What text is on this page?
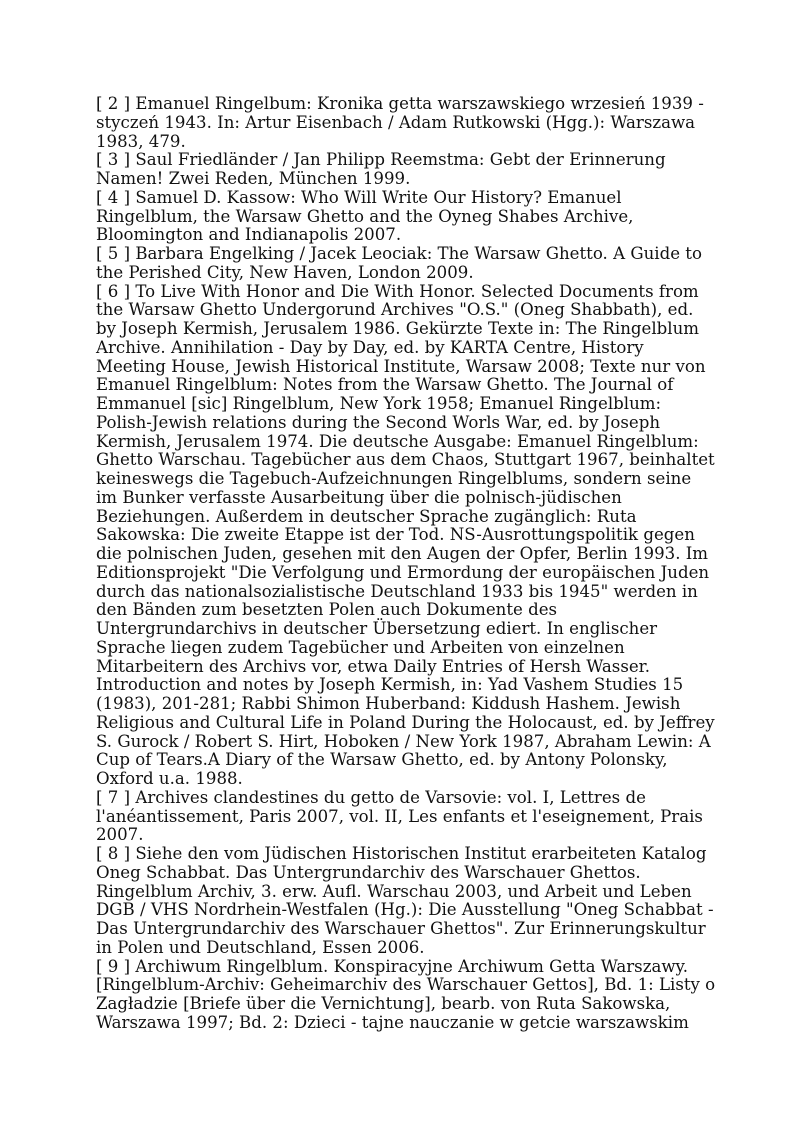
[ 2 ] Emanuel Ringelbum: Kronika getta warszawskiego wrzesień 1939 - styczeń 1943. In: Artur Eisenbach / Adam Rutkowski (Hgg.): Warszawa 1983, 479.

[ 3 ] Saul Friedländer / Jan Philipp Reemstma: Gebt der Erinnerung Namen! Zwei Reden, München 1999.

[ 4 ] Samuel D. Kassow: Who Will Write Our History? Emanuel Ringelblum, the Warsaw Ghetto and the Oyneg Shabes Archive, Bloomington and Indianapolis 2007.

[ 5 ] Barbara Engelking / Jacek Leociak: The Warsaw Ghetto. A Guide to the Perished City, New Haven, London 2009.

[ 6 ] To Live With Honor and Die With Honor. Selected Documents from the Warsaw Ghetto Undergorund Archives "O.S." (Oneg Shabbath), ed. by Joseph Kermish, Jerusalem 1986. Gekürzte Texte in: The Ringelblum Archive. Annihilation - Day by Day, ed. by KARTA Centre, History Meeting House, Jewish Historical Institute, Warsaw 2008; Texte nur von Emanuel Ringelblum: Notes from the Warsaw Ghetto. The Journal of Emmanuel [sic] Ringelblum, New York 1958; Emanuel Ringelblum: Polish-Jewish relations during the Second Worls War, ed. by Joseph Kermish, Jerusalem 1974. Die deutsche Ausgabe: Emanuel Ringelblum: Ghetto Warschau. Tagebücher aus dem Chaos, Stuttgart 1967, beinhaltet keineswegs die Tagebuch-Aufzeichnungen Ringelblums, sondern seine im Bunker verfasste Ausarbeitung über die polnisch-jüdischen Beziehungen. Außerdem in deutscher Sprache zugänglich: Ruta Sakowska: Die zweite Etappe ist der Tod. NS-Ausrottungspolitik gegen die polnischen Juden, gesehen mit den Augen der Opfer, Berlin 1993. Im Editionsprojekt "Die Verfolgung und Ermordung der europäischen Juden durch das nationalsozialistische Deutschland 1933 bis 1945" werden in den Bänden zum besetzten Polen auch Dokumente des Untergrundarchivs in deutscher Übersetzung ediert. In englischer Sprache liegen zudem Tagebücher und Arbeiten von einzelnen Mitarbeitern des Archivs vor, etwa Daily Entries of Hersh Wasser. Introduction and notes by Joseph Kermish, in: Yad Vashem Studies 15 (1983), 201-281; Rabbi Shimon Huberband: Kiddush Hashem. Jewish Religious and Cultural Life in Poland During the Holocaust, ed. by Jeffrey S. Gurock / Robert S. Hirt, Hoboken / New York 1987, Abraham Lewin: A Cup of Tears.A Diary of the Warsaw Ghetto, ed. by Antony Polonsky, Oxford u.a. 1988.

[ 7 ] Archives clandestines du getto de Varsovie: vol. I, Lettres de l'anéantissement, Paris 2007, vol. II, Les enfants et l'eseignement, Prais 2007.

[ 8 ] Siehe den vom Jüdischen Historischen Institut erarbeiteten Katalog Oneg Schabbat. Das Untergrundarchiv des Warschauer Ghettos. Ringelblum Archiv, 3. erw. Aufl. Warschau 2003, und Arbeit und Leben DGB / VHS Nordrhein-Westfalen (Hg.): Die Ausstellung "Oneg Schabbat - Das Untergrundarchiv des Warschauer Ghettos". Zur Erinnerungskultur in Polen und Deutschland, Essen 2006.

[ 9 ] Archiwum Ringelblum. Konspiracyjne Archiwum Getta Warszawy. [Ringelblum-Archiv: Geheimarchiv des Warschauer Gettos], Bd. 1: Listy o Zagładzie [Briefe über die Vernichtung], bearb. von Ruta Sakowska, Warszawa 1997; Bd. 2: Dzieci - tajne nauczanie w getcie warszawskim
